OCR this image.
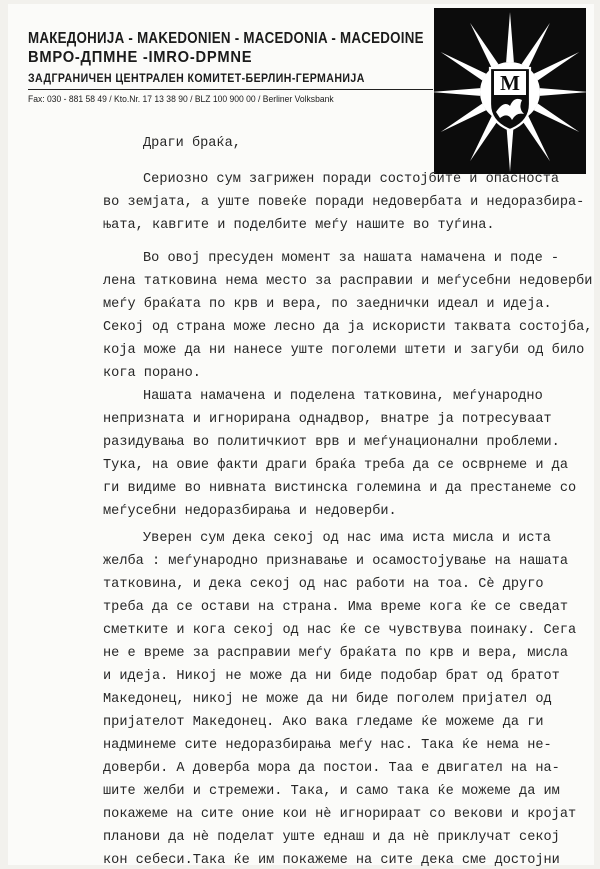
МАКЕДОНИЈА - MAKEDONIEN - MACEDONIA - MACEDOINE
ВМРО-ДПМНЕ -IMRO-DPMNE
ЗАДГРАНИЧЕН ЦЕНТРАЛЕН КОМИТЕТ-БЕРЛИН-ГЕРМАНИЈА
Fax: 030 - 881 58 49 / Kto.Nr. 17 13 38 90 / BLZ 100 900 00 / Berliner Volksbank
M
Драги браќа,
Сериозно сум загрижен поради состојбите и опасноста
во земјата, а уште повеќе поради недовербата и недоразбира-
њата, кавгите и поделбите меѓу нашите во туѓина.
Во овој пресуден момент за нашата намачена и поде -
лена татковина нема место за расправии и меѓусебни недоверби
меѓу браќата по крв и вера, по заеднички идеал и идеја.
Секој од страна може лесно да ја искористи таквата состојба,
која може да ни нанесе уште поголеми штети и загуби од било
кога порано.
Нашата намачена и поделена татковина, меѓународно
непризната и игнорирана однадвор, внатре ја потресуваат
разидувања во политичкиот врв и меѓунационални проблеми.
Тука, на овие факти драги браќа треба да се осврнеме и да
ги видиме во нивната вистинска големина и да престанеме со
меѓусебни недоразбирања и недоверби.
Уверен сум дека секој од нас има иста мисла и иста
желба : меѓународно признавање и осамостојување на нашата
татковина, и дека секој од нас работи на тоа. Сè друго
треба да се остави на страна. Има време кога ќе се сведат
сметките и кога секој од нас ќе се чувствува поинаку. Сега
не е време за расправии меѓу браќата по крв и вера, мисла
и идеја. Никој не може да ни биде подобар брат од братот
Македонец, никој не може да ни биде поголем пријател од
пријателот Македонец. Ако вака гледаме ќе можеме да ги
надминеме сите недоразбирања меѓу нас. Така ќе нема не-
доверби. А доверба мора да постои. Таа е двигател на на-
шите желби и стремежи. Така, и само така ќе можеме да им
покажеме на сите оние кои нè игнорираат со векови и кројат
планови да нè поделат уште еднаш и да нè приклучат секој
кон себеси.Така ќе им покажеме на сите дека сме достојни
